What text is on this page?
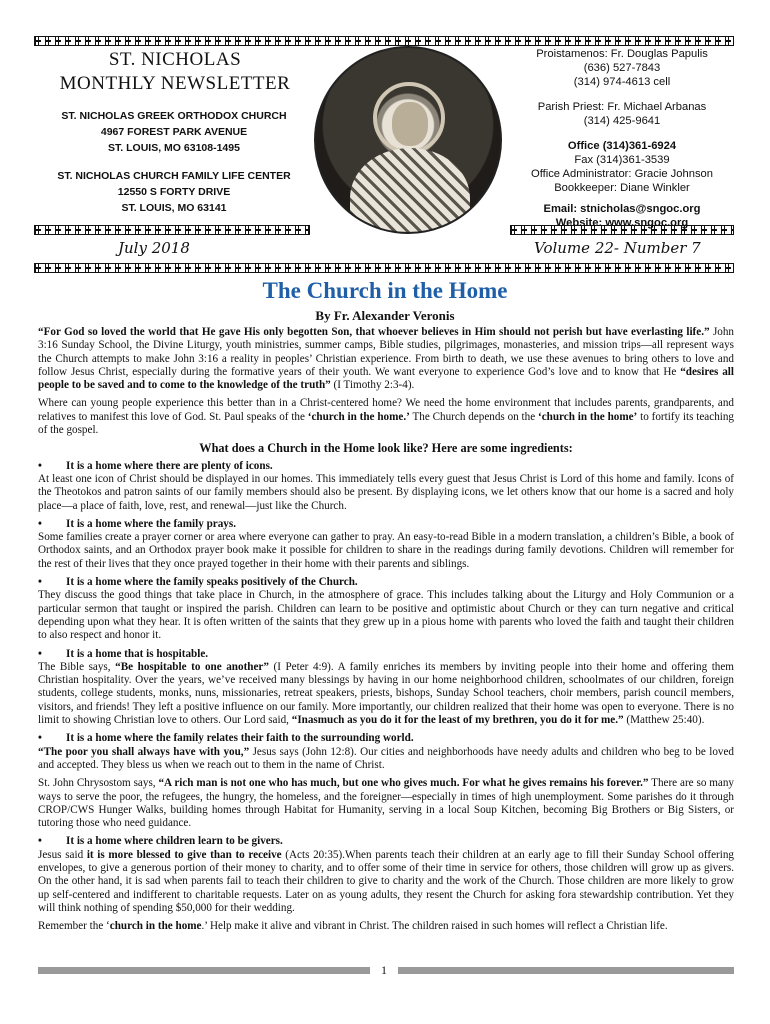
ST. NICHOLAS
MONTHLY NEWSLETTER
ST. NICHOLAS GREEK ORTHODOX CHURCH
4967 FOREST PARK AVENUE
ST. LOUIS, MO 63108-1495
ST. NICHOLAS CHURCH FAMILY LIFE CENTER
12550 S FORTY DRIVE
ST. LOUIS, MO 63141
Proistamenos: Fr. Douglas Papulis
(636) 527-7843
(314) 974-4613 cell
Parish Priest: Fr. Michael Arbanas
(314) 425-9641
Office (314)361-6924
Fax (314)361-3539
Office Administrator: Gracie Johnson
Bookkeeper: Diane Winkler
Email: stnicholas@sngoc.org
Website: www.sngoc.org
July 2018	Volume 22- Number 7
The Church in the Home
By Fr. Alexander Veronis

“For God so loved the world that He gave His only begotten Son, that whoever believes in Him should not perish but have everlasting life.” John 3:16 Sunday School, the Divine Liturgy, youth ministries, summer camps, Bible studies, pilgrimages, monasteries, and mission trips—all represent ways the Church attempts to make John 3:16 a reality in peoples’ Christian experience. From birth to death, we use these avenues to bring others to love and follow Jesus Christ, especially during the formative years of their youth. We want everyone to experience God’s love and to know that He “desires all people to be saved and to come to the knowledge of the truth” (I Timothy 2:3-4).

Where can young people experience this better than in a Christ-centered home? We need the home environment that includes parents, grandparents, and relatives to manifest this love of God. St. Paul speaks of the ‘church in the home.’ The Church depends on the ‘church in the home’ to fortify its teaching of the gospel.

What does a Church in the Home look like? Here are some ingredients:
• It is a home where there are plenty of icons.

At least one icon of Christ should be displayed in our homes. This immediately tells every guest that Jesus Christ is Lord of this home and family. Icons of the Theotokos and patron saints of our family members should also be present. By displaying icons, we let others know that our home is a sacred and holy place—a place of faith, love, rest, and renewal—just like the Church.

• It is a home where the family prays.

Some families create a prayer corner or area where everyone can gather to pray. An easy-to-read Bible in a modern translation, a children’s Bible, a book of Orthodox saints, and an Orthodox prayer book make it possible for children to share in the readings during family devotions. Children will remember for the rest of their lives that they once prayed together in their home with their parents and siblings.

• It is a home where the family speaks positively of the Church.

They discuss the good things that take place in Church, in the atmosphere of grace. This includes talking about the Liturgy and Holy Communion or a particular sermon that taught or inspired the parish. Children can learn to be positive and optimistic about Church or they can turn negative and critical depending upon what they hear. It is often written of the saints that they grew up in a pious home with parents who loved the faith and taught their children to also respect and honor it.

• It is a home that is hospitable.

The Bible says, “Be hospitable to one another” (I Peter 4:9). A family enriches its members by inviting people into their home and offering them Christian hospitality. Over the years, we’ve received many blessings by having in our home neighborhood children, schoolmates of our children, foreign students, college students, monks, nuns, missionaries, retreat speakers, priests, bishops, Sunday School teachers, choir members, parish council members, visitors, and friends! They left a positive influence on our family. More importantly, our children realized that their home was open to everyone. There is no limit to showing Christian love to others. Our Lord said, “Inasmuch as you do it for the least of my brethren, you do it for me.” (Matthew 25:40).

• It is a home where the family relates their faith to the surrounding world.

“The poor you shall always have with you,” Jesus says (John 12:8). Our cities and neighborhoods have needy adults and children who beg to be loved and accepted. They bless us when we reach out to them in the name of Christ.

St. John Chrysostom says, “A rich man is not one who has much, but one who gives much. For what he gives remains his forever.” There are so many ways to serve the poor, the refugees, the hungry, the homeless, and the foreigner—especially in times of high unemployment. Some parishes do it through CROP/CWS Hunger Walks, building homes through Habitat for Humanity, serving in a local Soup Kitchen, becoming Big Brothers or Big Sisters, or tutoring those who need guidance.

• It is a home where children learn to be givers.

Jesus said it is more blessed to give than to receive (Acts 20:35).When parents teach their children at an early age to fill their Sunday School offering envelopes, to give a generous portion of their money to charity, and to offer some of their time in service for others, those children will grow up as givers. On the other hand, it is sad when parents fail to teach their children to give to charity and the work of the Church. Those children are more likely to grow up self-centered and indifferent to charitable requests. Later on as young adults, they resent the Church for asking fora stewardship contribution. Yet they will think nothing of spending $50,000 for their wedding.

Remember the ‘church in the home.’ Help make it alive and vibrant in Christ. The children raised in such homes will reflect a Christian life.

1
